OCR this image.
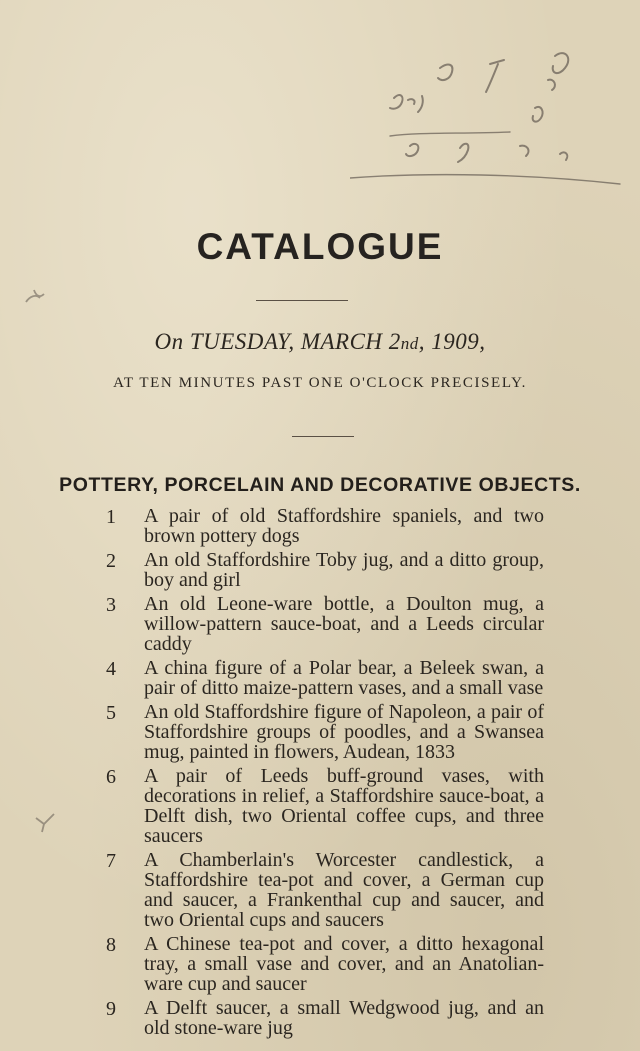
CATALOGUE
On TUESDAY, MARCH 2nd, 1909,
AT TEN MINUTES PAST ONE O'CLOCK PRECISELY.
POTTERY, PORCELAIN AND DECORATIVE OBJECTS.
1	A pair of old Staffordshire spaniels, and two brown pottery dogs
2	An old Staffordshire Toby jug, and a ditto group, boy and girl
3	An old Leone-ware bottle, a Doulton mug, a willow-pattern sauce-boat, and a Leeds circular caddy
4	A china figure of a Polar bear, a Beleek swan, a pair of ditto maize-pattern vases, and a small vase
5	An old Staffordshire figure of Napoleon, a pair of Staffordshire groups of poodles, and a Swansea mug, painted in flowers, Audean, 1833
6	A pair of Leeds buff-ground vases, with decorations in relief, a Staffordshire sauce-boat, a Delft dish, two Oriental coffee cups, and three saucers
7	A Chamberlain's Worcester candlestick, a Staffordshire tea-pot and cover, a German cup and saucer, a Frankenthal cup and saucer, and two Oriental cups and saucers
8	A Chinese tea-pot and cover, a ditto hexagonal tray, a small vase and cover, and an Anatolian-ware cup and saucer
9	A Delft saucer, a small Wedgwood jug, and an old stone-ware jug
